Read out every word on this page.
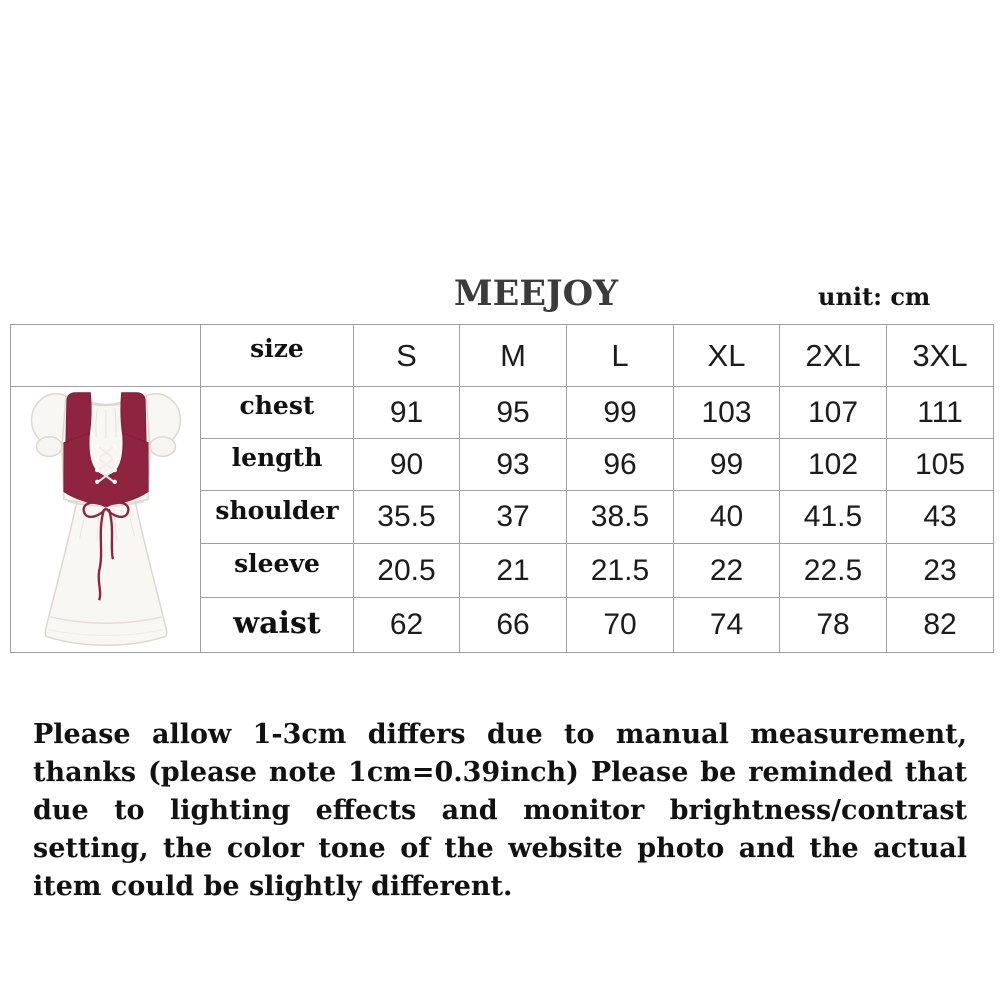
MEEJOY	unit: cm
	size	S	M	L	XL	2XL	3XL

	chest	91	95	99	103	107	111
	length	90	93	96	99	102	105
	shoulder	35.5	37	38.5	40	41.5	43
	sleeve	20.5	21	21.5	22	22.5	23
	waist	62	66	70	74	78	82

Please allow 1-3cm differs due to manual measurement, thanks (please note 1cm=0.39inch) Please be reminded that due to lighting effects and monitor brightness/contrast setting, the color tone of the website photo and the actual item could be slightly different.
